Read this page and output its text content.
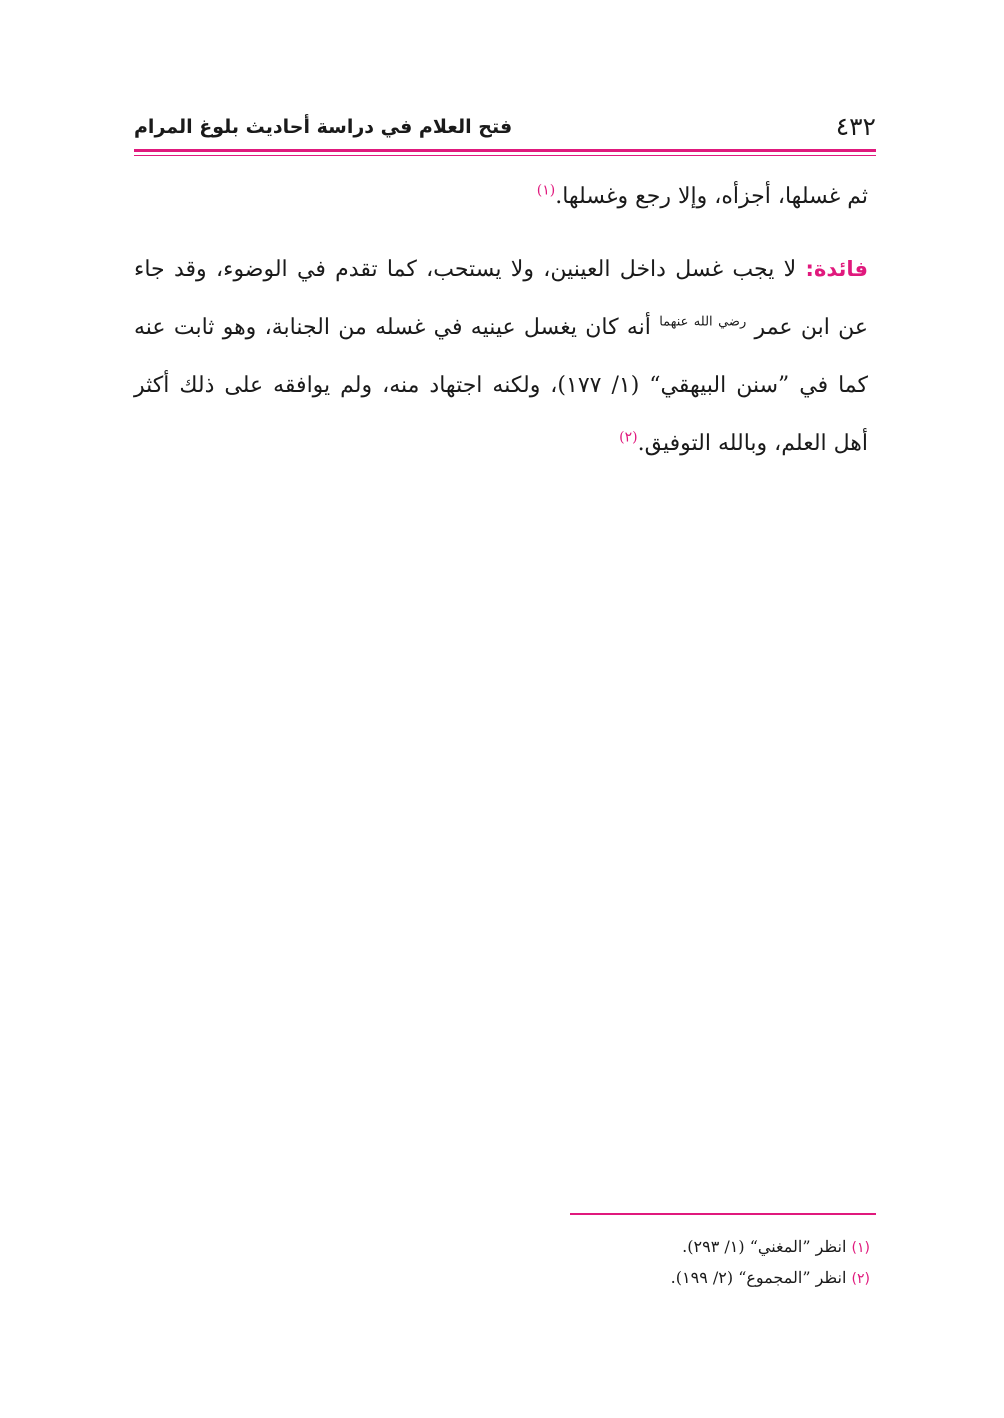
٤٣٢
فتح العلام في دراسة أحاديث بلوغ المرام

ثم غسلها، أجزأه، وإلا رجع وغسلها.$^{(١)}$

فائدة: لا يجب غسل داخل العينين، ولا يستحب، كما تقدم في الوضوء، وقد جاء عن ابن عمر $^{رضي الله عنهما}$ أنه كان يغسل عينيه في غسله من الجنابة، وهو ثابت عنه كما في ”سنن البيهقي“ (١/ ١٧٧)، ولكنه اجتهاد منه، ولم يوافقه على ذلك أكثر أهل العلم، وبالله التوفيق.$^{(٢)}$

(١) انظر ”المغني“ (١/ ٢٩٣).
(٢) انظر ”المجموع“ (٢/ ١٩٩).
